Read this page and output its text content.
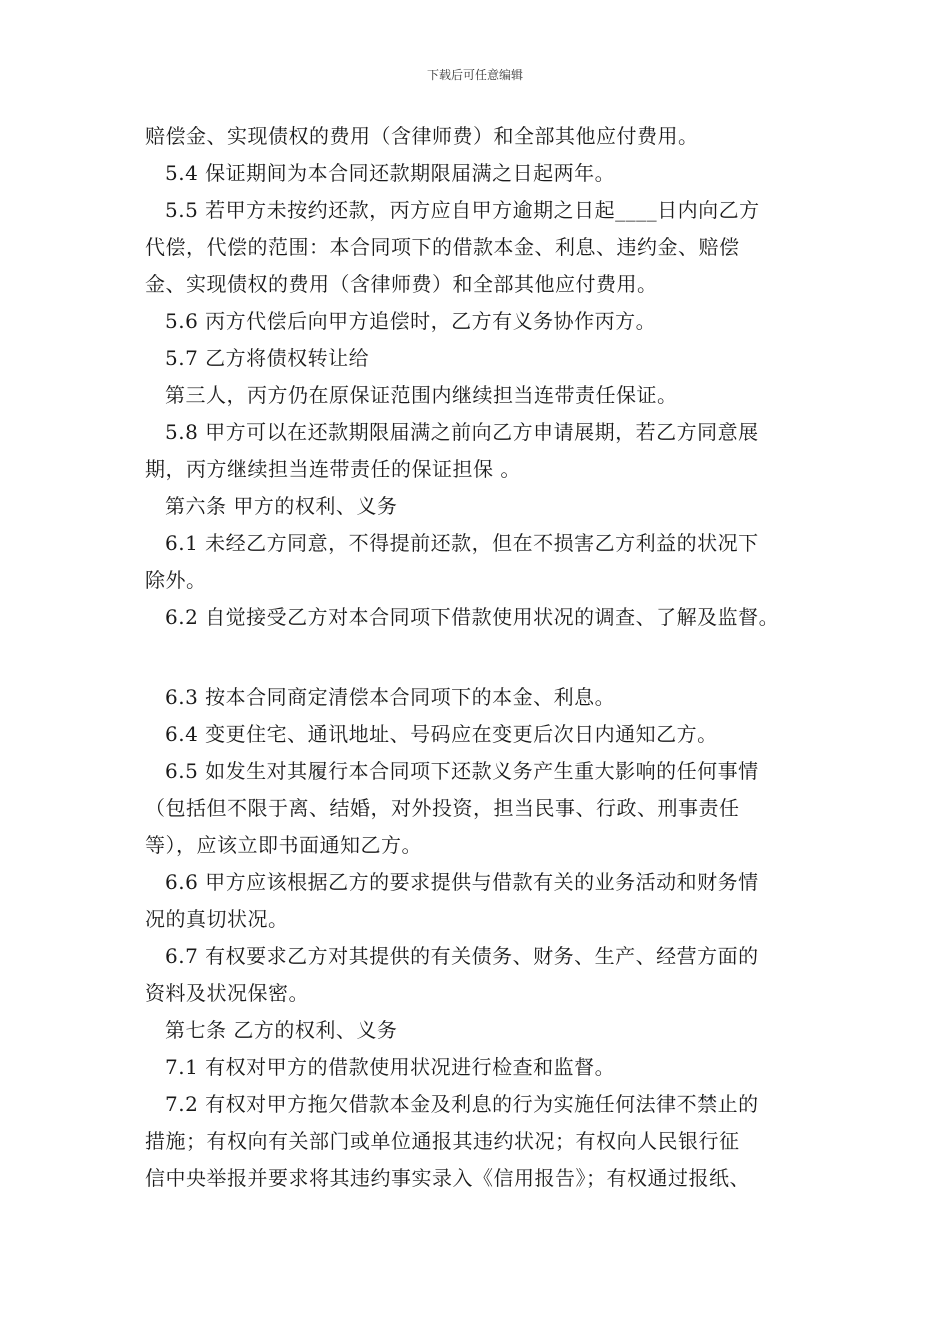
下载后可任意编辑
赔偿金、实现债权的费用（含律师费）和全部其他应付费用。
5.4 保证期间为本合同还款期限届满之日起两年。
5.5 若甲方未按约还款，丙方应自甲方逾期之日起____日内向乙方
代偿，代偿的范围：本合同项下的借款本金、利息、违约金、赔偿
金、实现债权的费用（含律师费）和全部其他应付费用。
5.6 丙方代偿后向甲方追偿时，乙方有义务协作丙方。
5.7 乙方将债权转让给
第三人，丙方仍在原保证范围内继续担当连带责任保证。
5.8 甲方可以在还款期限届满之前向乙方申请展期，若乙方同意展
期，丙方继续担当连带责任的保证担保 。
第六条 甲方的权利、义务
6.1 未经乙方同意，不得提前还款，但在不损害乙方利益的状况下
除外。
6.2 自觉接受乙方对本合同项下借款使用状况的调查、了解及监督。
6.3 按本合同商定清偿本合同项下的本金、利息。
6.4 变更住宅、通讯地址、号码应在变更后次日内通知乙方。
6.5 如发生对其履行本合同项下还款义务产生重大影响的任何事情
（包括但不限于离、结婚，对外投资，担当民事、行政、刑事责任
等），应该立即书面通知乙方。
6.6 甲方应该根据乙方的要求提供与借款有关的业务活动和财务情
况的真切状况。
6.7 有权要求乙方对其提供的有关债务、财务、生产、经营方面的
资料及状况保密。
第七条 乙方的权利、义务
7.1 有权对甲方的借款使用状况进行检查和监督。
7.2 有权对甲方拖欠借款本金及利息的行为实施任何法律不禁止的
措施；有权向有关部门或单位通报其违约状况；有权向人民银行征
信中央举报并要求将其违约事实录入《信用报告》；有权通过报纸、
